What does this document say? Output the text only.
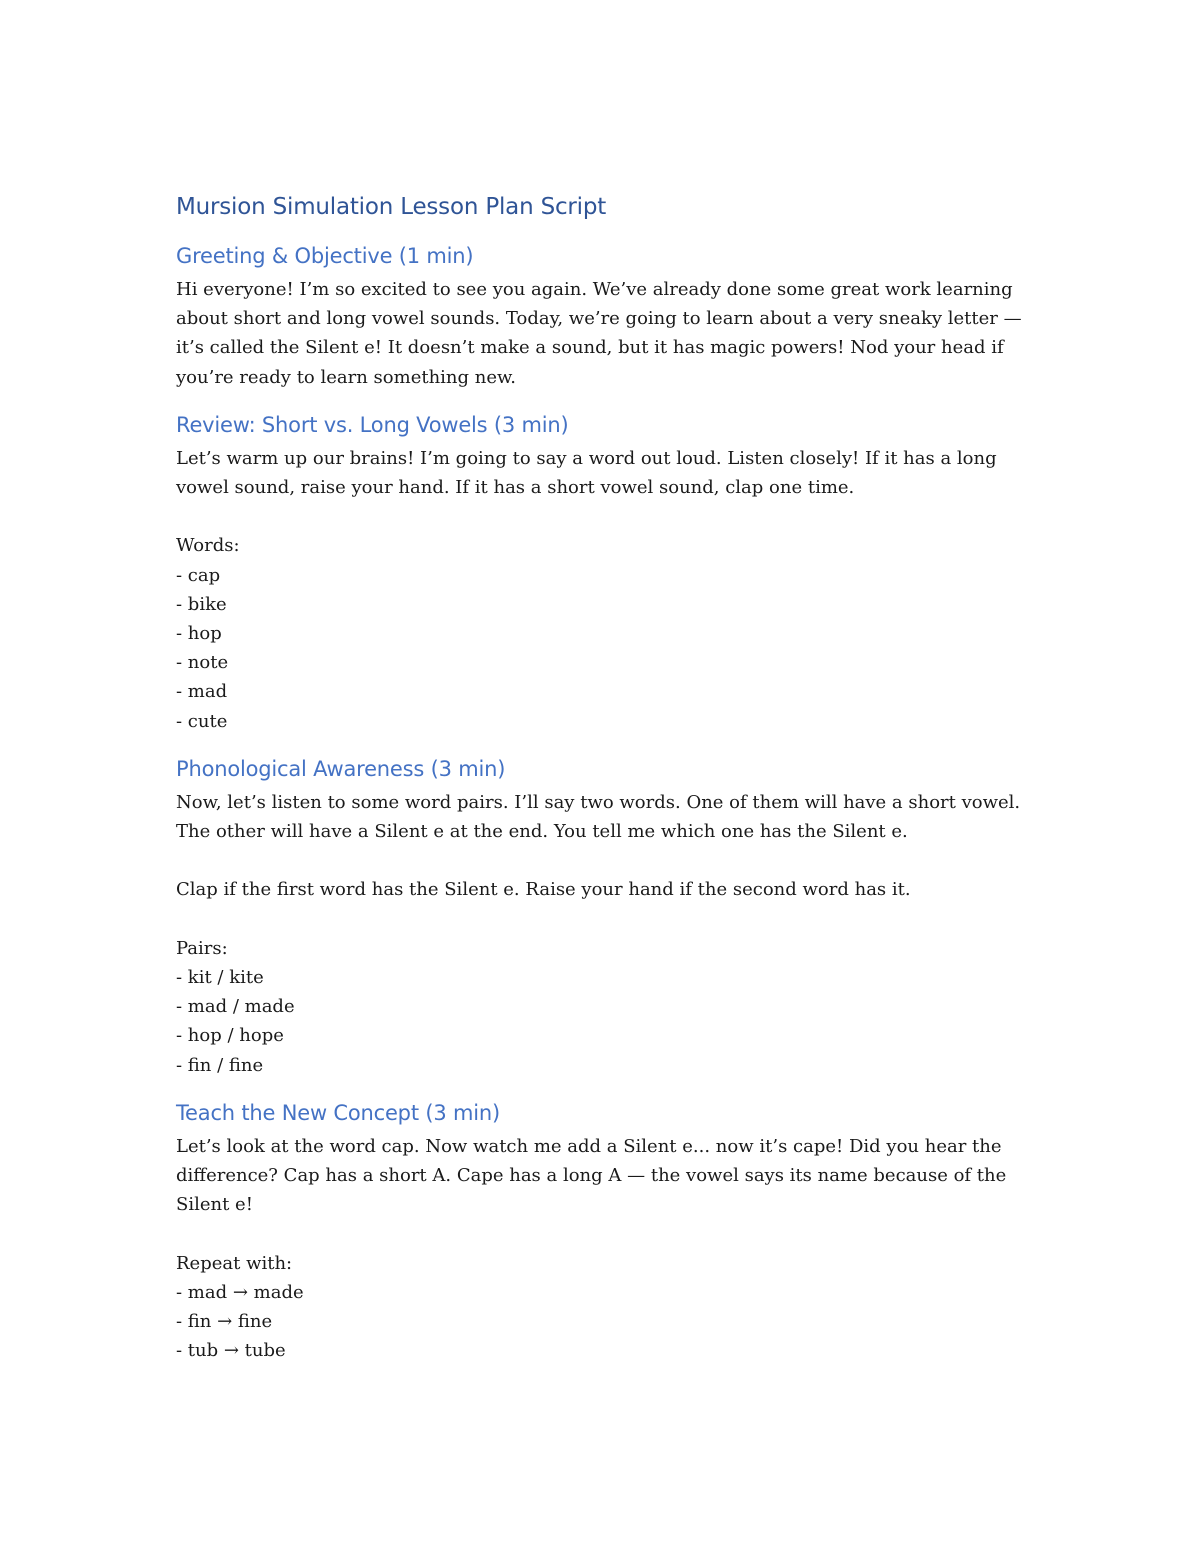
Mursion Simulation Lesson Plan Script
Greeting & Objective (1 min)

Hi everyone! I’m so excited to see you again. We’ve already done some great work learning about short and long vowel sounds. Today, we’re going to learn about a very sneaky letter — it’s called the Silent e! It doesn’t make a sound, but it has magic powers! Nod your head if you’re ready to learn something new.

Review: Short vs. Long Vowels (3 min)

Let’s warm up our brains! I’m going to say a word out loud. Listen closely! If it has a long vowel sound, raise your hand. If it has a short vowel sound, clap one time.

Words:

- cap
- bike
- hop
- note
- mad
- cute
Phonological Awareness (3 min)

Now, let’s listen to some word pairs. I’ll say two words. One of them will have a short vowel. The other will have a Silent e at the end. You tell me which one has the Silent e.

Clap if the first word has the Silent e. Raise your hand if the second word has it.

Pairs:

- kit / kite
- mad / made
- hop / hope
- fin / fine
Teach the New Concept (3 min)

Let’s look at the word cap. Now watch me add a Silent e... now it’s cape! Did you hear the difference? Cap has a short A. Cape has a long A — the vowel says its name because of the Silent e!

Repeat with:

- mad → made
- fin → fine
- tub → tube
